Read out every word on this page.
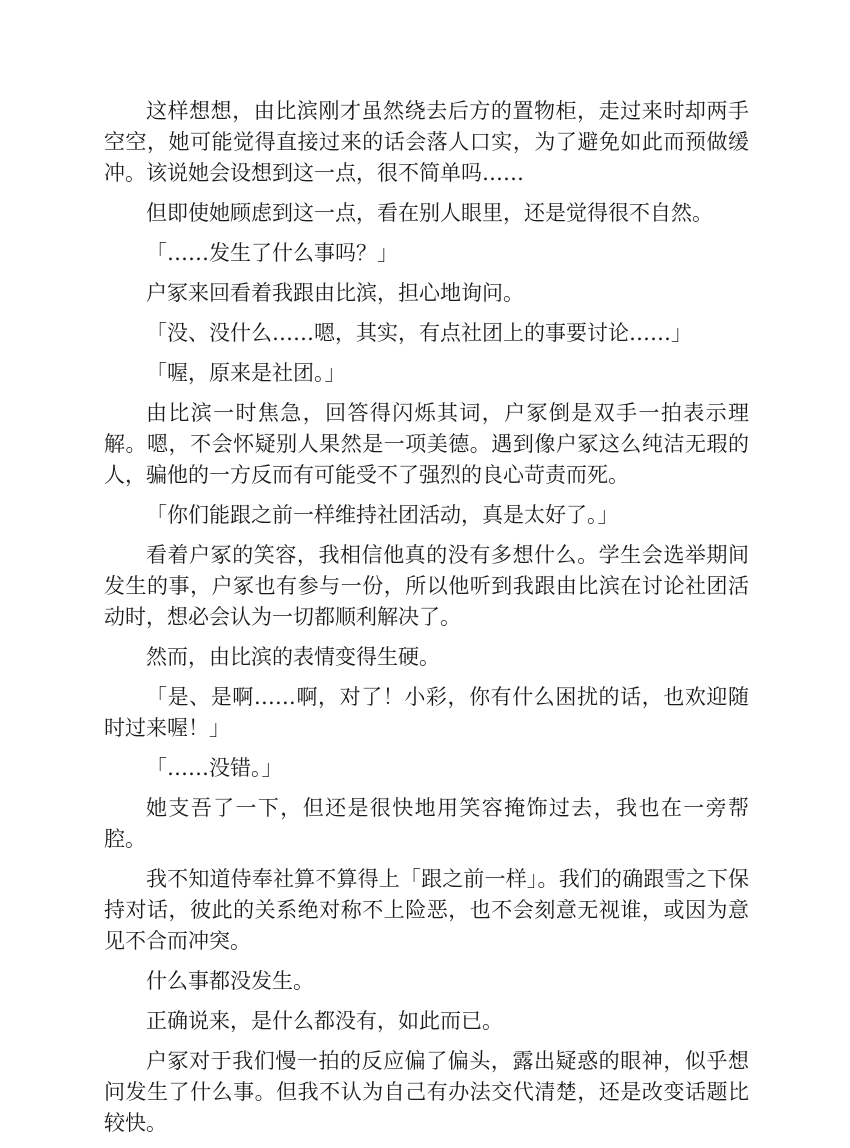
这样想想，由比滨刚才虽然绕去后方的置物柜，走过来时却两手空空，她可能觉得直接过来的话会落人口实，为了避免如此而预做缓冲。该说她会设想到这一点，很不简单吗……

但即使她顾虑到这一点，看在别人眼里，还是觉得很不自然。

「……发生了什么事吗？」

户冢来回看着我跟由比滨，担心地询问。

「没、没什么……嗯，其实，有点社团上的事要讨论……」

「喔，原来是社团。」

由比滨一时焦急，回答得闪烁其词，户冢倒是双手一拍表示理解。嗯，不会怀疑别人果然是一项美德。遇到像户冢这么纯洁无瑕的人，骗他的一方反而有可能受不了强烈的良心苛责而死。

「你们能跟之前一样维持社团活动，真是太好了。」

看着户冢的笑容，我相信他真的没有多想什么。学生会选举期间发生的事，户冢也有参与一份，所以他听到我跟由比滨在讨论社团活动时，想必会认为一切都顺利解决了。

然而，由比滨的表情变得生硬。

「是、是啊……啊，对了！小彩，你有什么困扰的话，也欢迎随时过来喔！」

「……没错。」

她支吾了一下，但还是很快地用笑容掩饰过去，我也在一旁帮腔。

我不知道侍奉社算不算得上「跟之前一样」。我们的确跟雪之下保持对话，彼此的关系绝对称不上险恶，也不会刻意无视谁，或因为意见不合而冲突。

什么事都没发生。

正确说来，是什么都没有，如此而已。

户冢对于我们慢一拍的反应偏了偏头，露出疑惑的眼神，似乎想问发生了什么事。但我不认为自己有办法交代清楚，还是改变话题比较快。
